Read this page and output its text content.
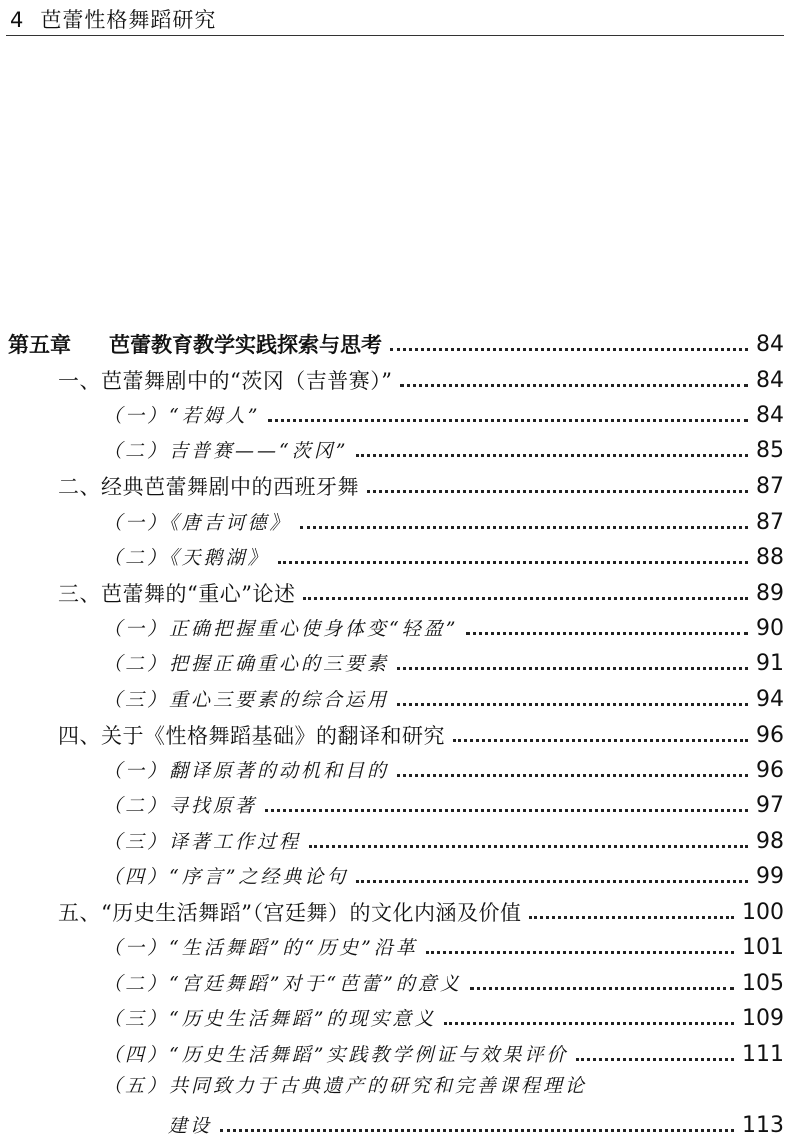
4 芭蕾性格舞蹈研究
第五章 芭蕾教育教学实践探索与思考	84
一、芭蕾舞剧中的“茨冈（吉普赛）”	84
（一）“若姆人”	84
（二）吉普赛——“茨冈”	85
二、经典芭蕾舞剧中的西班牙舞	87
（一）《唐吉诃德》	87
（二）《天鹅湖》	88
三、芭蕾舞的“重心”论述	89
（一）正确把握重心使身体变“轻盈”	90
（二）把握正确重心的三要素	91
（三）重心三要素的综合运用	94
四、关于《性格舞蹈基础》的翻译和研究	96
（一）翻译原著的动机和目的	96
（二）寻找原著	97
（三）译著工作过程	98
（四）“序言”之经典论句	99
五、“历史生活舞蹈”（宫廷舞）的文化内涵及价值	100
（一）“生活舞蹈”的“历史”沿革	101
（二）“宫廷舞蹈”对于“芭蕾”的意义	105
（三）“历史生活舞蹈”的现实意义	109
（四）“历史生活舞蹈”实践教学例证与效果评价	111
（五）共同致力于古典遗产的研究和完善课程理论
建设	113
